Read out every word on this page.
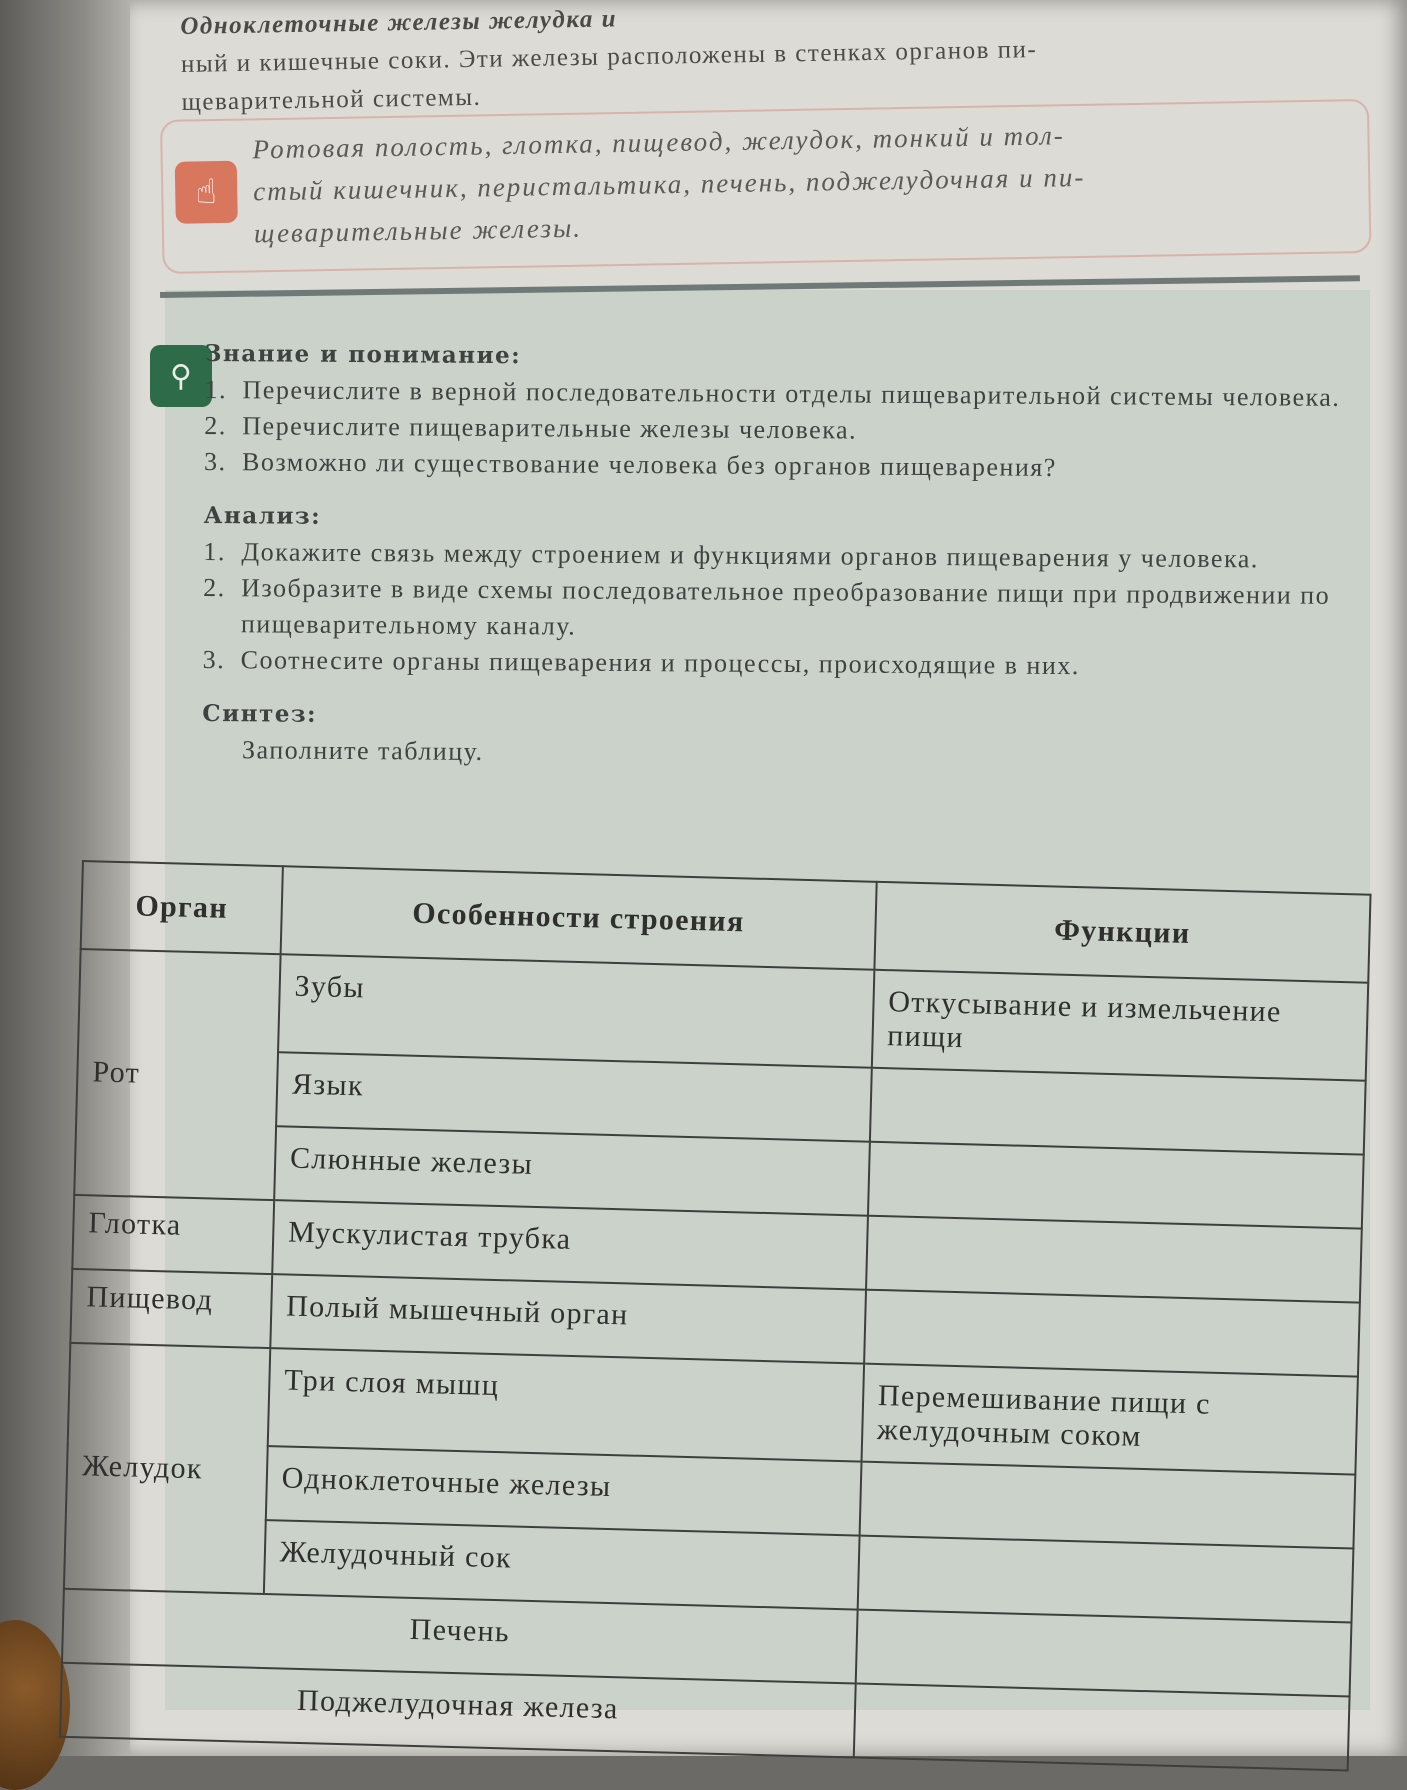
Одноклеточные железы желудка и
ный и кишечные соки. Эти железы расположены в стенках органов пи-
щеварительной системы.
☝
Ротовая полость, глотка, пищевод, желудок, тонкий и тол-
стый кишечник, перистальтика, печень, поджелудочная и пи-
щеварительные железы.
⚲
Знание и понимание:
1. Перечислите в верной последовательности отделы пищеварительной системы человека.
2. Перечислите пищеварительные железы человека.
3. Возможно ли существование человека без органов пищеварения?
Анализ:
1. Докажите связь между строением и функциями органов пищеварения у человека.
2. Изобразите в виде схемы последовательное преобразование пищи при продвижении по пищеварительному каналу.
3. Соотнесите органы пищеварения и процессы, происходящие в них.
Синтез:
Заполните таблицу.
Орган	Особенности строения	Функции
Рот	Зубы	Откусывание и измельчение пищи
	Язык	
	Слюнные железы	
Глотка	Мускулистая трубка	
Пищевод	Полый мышечный орган	
Желудок	Три слоя мышц	Перемешивание пищи с желудочным соком
	Одноклеточные железы	
	Желудочный сок	
Печень		
Поджелудочная железа		
